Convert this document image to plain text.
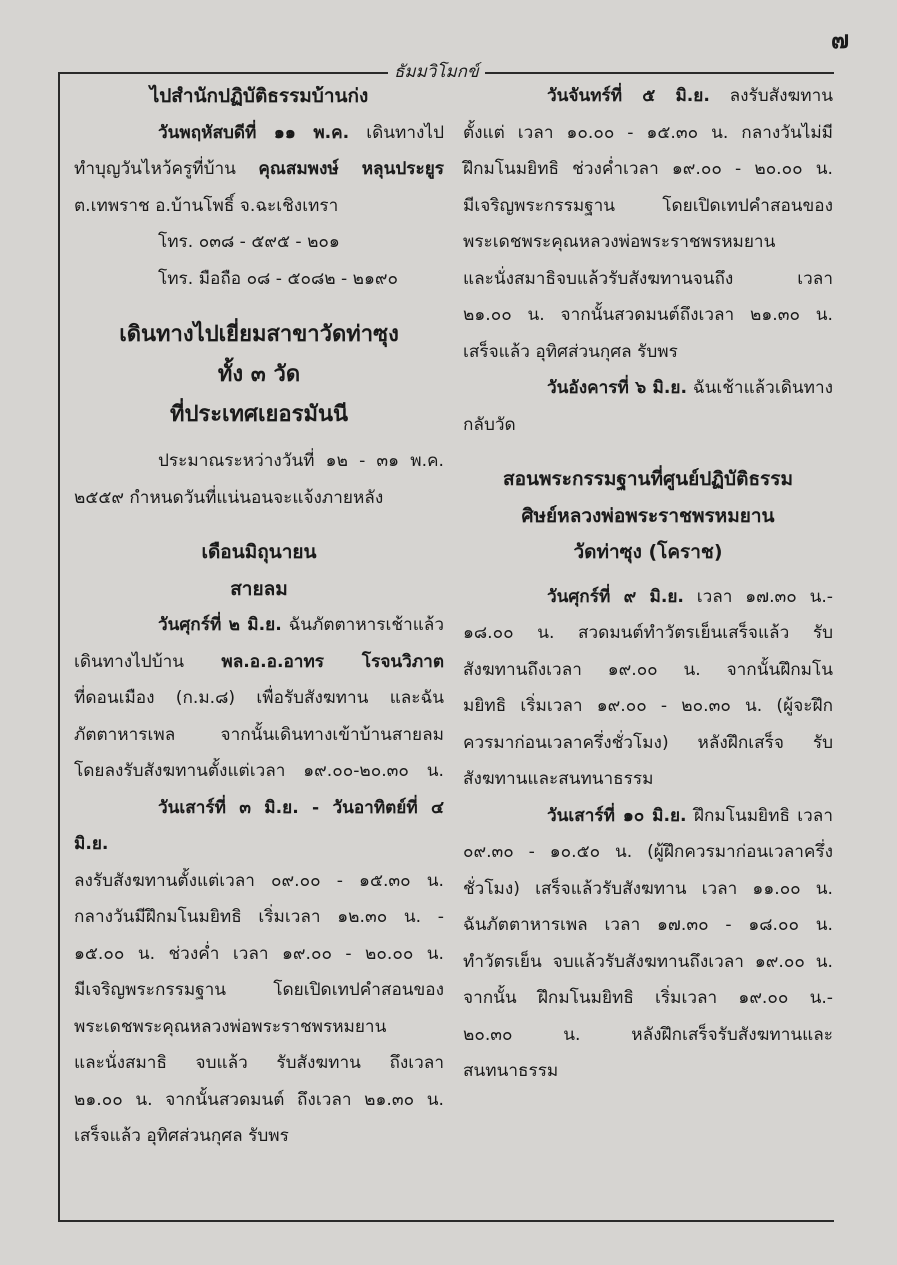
๗
ธัมมวิโมกข์

ไปสำนักปฏิบัติธรรมบ้านก่ง

วันพฤหัสบดีที่ ๑๑ พ.ค. เดินทางไป

ทำบุญวันไหว้ครูที่บ้าน คุณสมพงษ์ หลุนประยูร

ต.เทพราช อ.บ้านโพธิ์ จ.ฉะเชิงเทรา

โทร. ๐๓๘ - ๕๙๕ - ๒๐๑

โทร. มือถือ ๐๘ - ๕๐๘๒ - ๒๑๙๐

เดินทางไปเยี่ยมสาขาวัดท่าซุง

ทั้ง ๓ วัด

ที่ประเทศเยอรมันนี

ประมาณระหว่างวันที่ ๑๒ - ๓๑ พ.ค.

๒๕๕๙ กำหนดวันที่แน่นอนจะแจ้งภายหลัง

เดือนมิถุนายน

สายลม

วันศุกร์ที่ ๒ มิ.ย. ฉันภัตตาหารเช้าแล้ว

เดินทางไปบ้าน พล.อ.อ.อาทร โรจนวิภาต

ที่ดอนเมือง (ก.ม.๘) เพื่อรับสังฆทาน และฉัน

ภัตตาหารเพล จากนั้นเดินทางเข้าบ้านสายลม

โดยลงรับสังฆทานตั้งแต่เวลา ๑๙.๐๐-๒๐.๓๐ น.

วันเสาร์ที่ ๓ มิ.ย. - วันอาทิตย์ที่ ๔ มิ.ย.

ลงรับสังฆทานตั้งแต่เวลา ๐๙.๐๐ - ๑๕.๓๐ น.

กลางวันมีฝึกมโนมยิทธิ เริ่มเวลา ๑๒.๓๐ น. -

๑๕.๐๐ น. ช่วงค่ำ เวลา ๑๙.๐๐ - ๒๐.๐๐ น.

มีเจริญพระกรรมฐาน โดยเปิดเทปคำสอนของ

พระเดชพระคุณหลวงพ่อพระราชพรหมยาน

และนั่งสมาธิ จบแล้ว รับสังฆทาน ถึงเวลา

๒๑.๐๐ น. จากนั้นสวดมนต์ ถึงเวลา ๒๑.๓๐ น.

เสร็จแล้ว อุทิศส่วนกุศล รับพร

วันจันทร์ที่ ๕ มิ.ย. ลงรับสังฆทาน

ตั้งแต่ เวลา ๑๐.๐๐ - ๑๕.๓๐ น. กลางวันไม่มี

ฝึกมโนมยิทธิ ช่วงค่ำเวลา ๑๙.๐๐ - ๒๐.๐๐ น.

มีเจริญพระกรรมฐาน โดยเปิดเทปคำสอนของ

พระเดชพระคุณหลวงพ่อพระราชพรหมยาน

และนั่งสมาธิจบแล้วรับสังฆทานจนถึง เวลา

๒๑.๐๐ น. จากนั้นสวดมนต์ถึงเวลา ๒๑.๓๐ น.

เสร็จแล้ว อุทิศส่วนกุศล รับพร

วันอังคารที่ ๖ มิ.ย. ฉันเช้าแล้วเดินทาง

กลับวัด

สอนพระกรรมฐานที่ศูนย์ปฏิบัติธรรม

ศิษย์หลวงพ่อพระราชพรหมยาน

วัดท่าซุง (โคราช)

วันศุกร์ที่ ๙ มิ.ย. เวลา ๑๗.๓๐ น.-

๑๘.๐๐ น. สวดมนต์ทำวัตรเย็นเสร็จแล้ว รับ

สังฆทานถึงเวลา ๑๙.๐๐ น. จากนั้นฝึกมโน

มยิทธิ เริ่มเวลา ๑๙.๐๐ - ๒๐.๓๐ น. (ผู้จะฝึก

ควรมาก่อนเวลาครึ่งชั่วโมง) หลังฝึกเสร็จ รับ

สังฆทานและสนทนาธรรม

วันเสาร์ที่ ๑๐ มิ.ย. ฝึกมโนมยิทธิ เวลา

๐๙.๓๐ - ๑๐.๕๐ น. (ผู้ฝึกควรมาก่อนเวลาครึ่ง

ชั่วโมง) เสร็จแล้วรับสังฆทาน เวลา ๑๑.๐๐ น.

ฉันภัตตาหารเพล เวลา ๑๗.๓๐ - ๑๘.๐๐ น.

ทำวัตรเย็น จบแล้วรับสังฆทานถึงเวลา ๑๙.๐๐ น.

จากนั้น ฝึกมโนมยิทธิ เริ่มเวลา ๑๙.๐๐ น.-

๒๐.๓๐ น. หลังฝึกเสร็จรับสังฆทานและ

สนทนาธรรม
